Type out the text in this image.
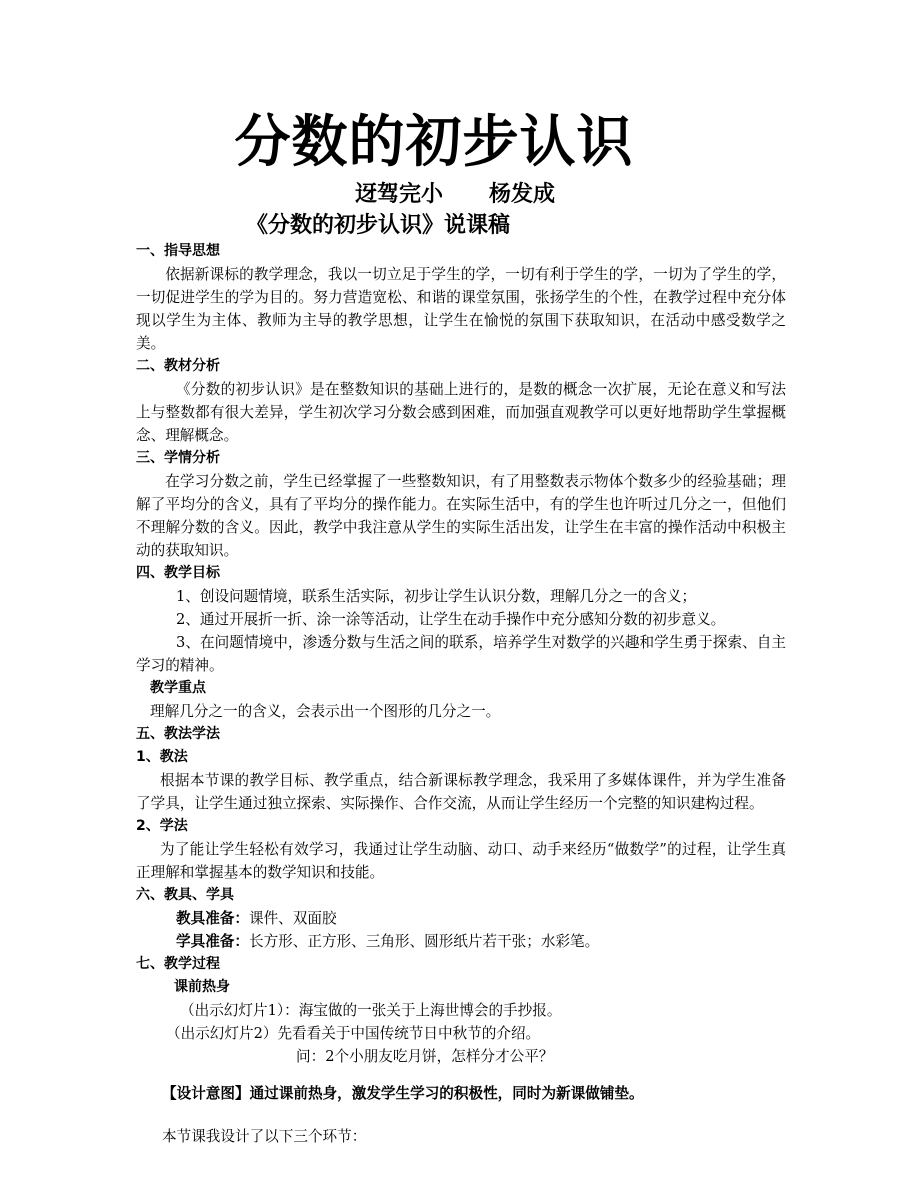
分数的初步认识
迓驾完小      杨发成
《分数的初步认识》说课稿

一、指导思想

依据新课标的教学理念，我以一切立足于学生的学，一切有利于学生的学，一切为了学生的学，一切促进学生的学为目的。努力营造宽松、和谐的课堂氛围，张扬学生的个性，在教学过程中充分体现以学生为主体、教师为主导的教学思想，让学生在愉悦的氛围下获取知识，在活动中感受数学之美。

二、教材分析

《分数的初步认识》是在整数知识的基础上进行的，是数的概念一次扩展，无论在意义和写法上与整数都有很大差异，学生初次学习分数会感到困难，而加强直观教学可以更好地帮助学生掌握概念、理解概念。

三、学情分析

在学习分数之前，学生已经掌握了一些整数知识，有了用整数表示物体个数多少的经验基础；理解了平均分的含义，具有了平均分的操作能力。在实际生活中，有的学生也许听过几分之一，但他们不理解分数的含义。因此，教学中我注意从学生的实际生活出发，让学生在丰富的操作活动中积极主动的获取知识。

四、教学目标

1、创设问题情境，联系生活实际，初步让学生认识分数，理解几分之一的含义；

2、通过开展折一折、涂一涂等活动，让学生在动手操作中充分感知分数的初步意义。

3、在问题情境中，渗透分数与生活之间的联系，培养学生对数学的兴趣和学生勇于探索、自主学习的精神。

教学重点

理解几分之一的含义，会表示出一个图形的几分之一。

五、教法学法

1、教法

根据本节课的教学目标、教学重点，结合新课标教学理念，我采用了多媒体课件，并为学生准备了学具，让学生通过独立探索、实际操作、合作交流，从而让学生经历一个完整的知识建构过程。

2、学法

为了能让学生轻松有效学习，我通过让学生动脑、动口、动手来经历“做数学”的过程，让学生真正理解和掌握基本的数学知识和技能。

六、教具、学具

教具准备：课件、双面胶

学具准备：长方形、正方形、三角形、圆形纸片若干张；水彩笔。

七、教学过程

课前热身

（出示幻灯片1）：海宝做的一张关于上海世博会的手抄报。

（出示幻灯片2）先看看关于中国传统节日中秋节的介绍。

问：2个小朋友吃月饼，怎样分才公平？

【设计意图】通过课前热身，激发学生学习的积极性，同时为新课做铺垫。

本节课我设计了以下三个环节：
